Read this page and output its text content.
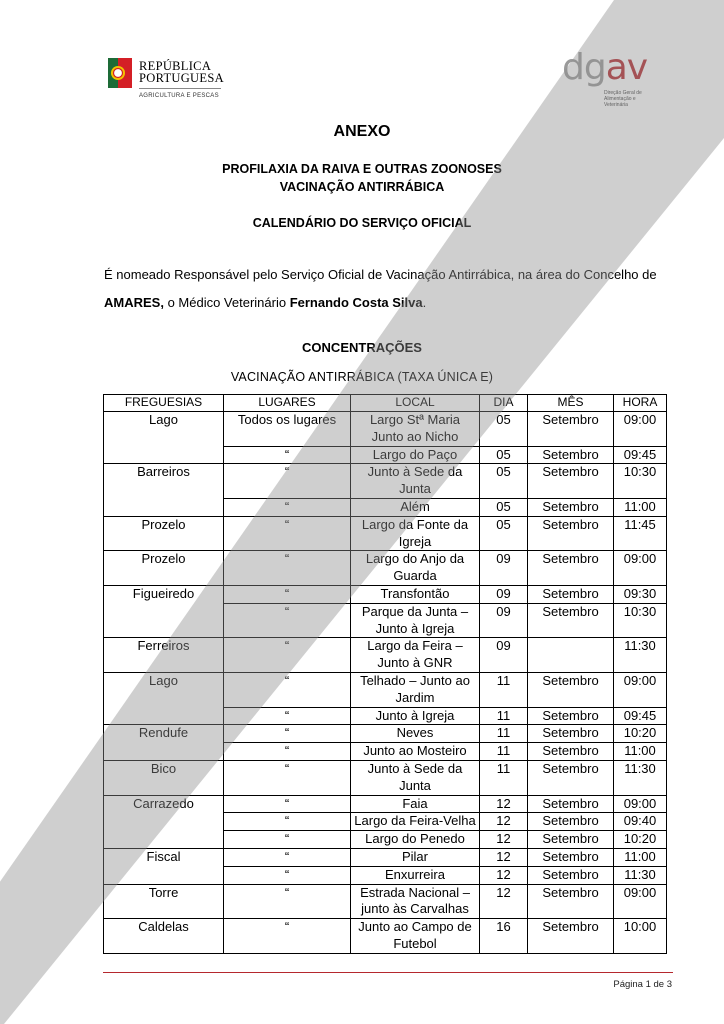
REPÚBLICA
PORTUGUESA
AGRICULTURA E PESCAS
dgav
Direção Geral de Alimentação e Veterinária
ANEXO
PROFILAXIA DA RAIVA E OUTRAS ZOONOSES
VACINAÇÃO ANTIRRÁBICA
CALENDÁRIO DO SERVIÇO OFICIAL
É nomeado Responsável pelo Serviço Oficial de Vacinação Antirrábica, na área do Concelho de
AMARES, o Médico Veterinário Fernando Costa Silva.
CONCENTRAÇÕES
VACINAÇÃO ANTIRRÁBICA (TAXA ÚNICA E)
FREGUESIAS	LUGARES	LOCAL	DIA	MÊS	HORA
Lago	Todos os lugares	Largo Stª Maria Junto ao Nicho	05	Setembro	09:00
	“	Largo do Paço	05	Setembro	09:45
Barreiros	“	Junto à Sede da Junta	05	Setembro	10:30
	“	Além	05	Setembro	11:00
Prozelo	“	Largo da Fonte da Igreja	05	Setembro	11:45
Prozelo	“	Largo do Anjo da Guarda	09	Setembro	09:00
Figueiredo	“	Transfontão	09	Setembro	09:30
	“	Parque da Junta – Junto à Igreja	09	Setembro	10:30
Ferreiros	“	Largo da Feira – Junto à GNR	09		11:30
Lago	“	Telhado – Junto ao Jardim	11	Setembro	09:00
	“	Junto à Igreja	11	Setembro	09:45
Rendufe	“	Neves	11	Setembro	10:20
	“	Junto ao Mosteiro	11	Setembro	11:00
Bico	“	Junto à Sede da Junta	11	Setembro	11:30
Carrazedo	“	Faia	12	Setembro	09:00
	“	Largo da Feira-Velha	12	Setembro	09:40
	“	Largo do Penedo	12	Setembro	10:20
Fiscal	“	Pilar	12	Setembro	11:00
	“	Enxurreira	12	Setembro	11:30
Torre	“	Estrada Nacional – junto às Carvalhas	12	Setembro	09:00
Caldelas	“	Junto ao Campo de Futebol	16	Setembro	10:00
Página 1 de 3
